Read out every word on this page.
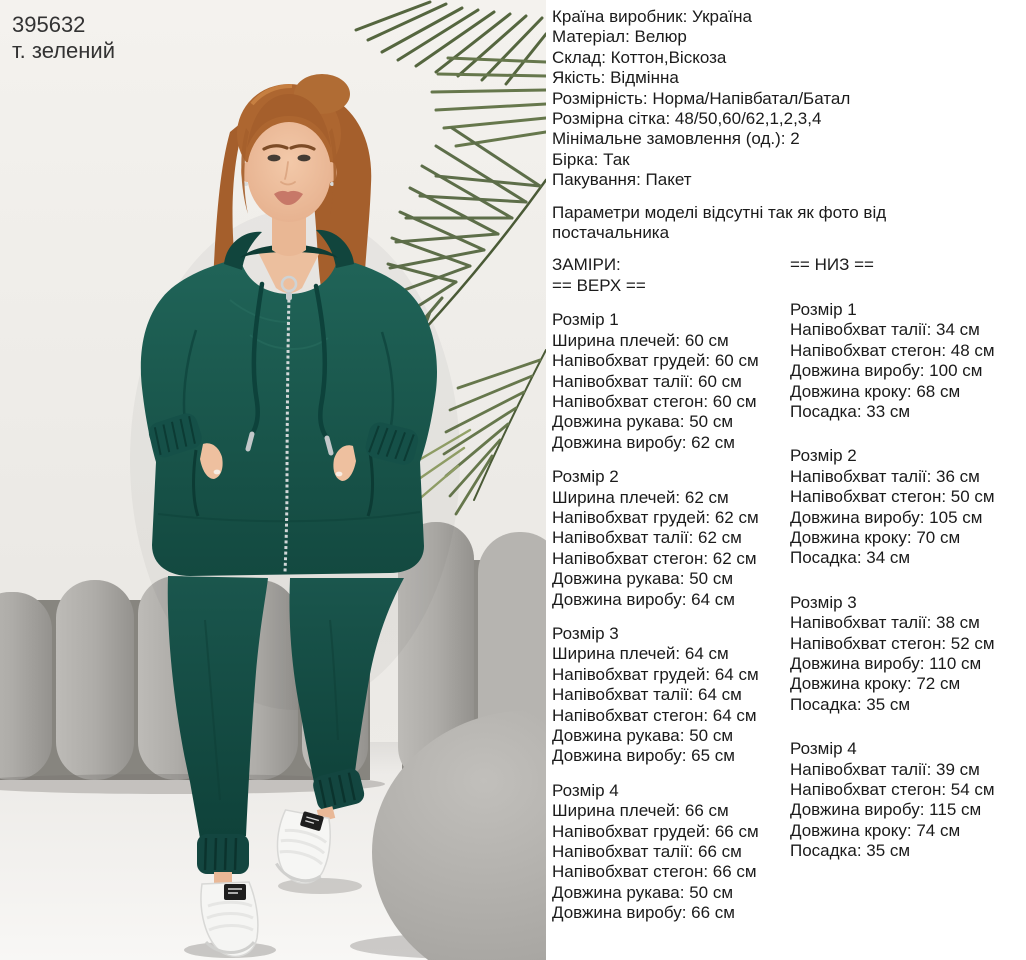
395632
т. зелений
Країна виробник: Україна
Матеріал: Велюр
Склад: Коттон,Віскоза
Якість: Відмінна
Розмірність: Норма/Напівбатал/Батал
Розмірна сітка: 48/50,60/62,1,2,3,4
Мінімальне замовлення (од.): 2
Бірка: Так
Пакування: Пакет
Параметри моделі відсутні так як фото від постачальника
ЗАМІРИ:
== ВЕРХ ==
Розмір 1
Ширина плечей: 60 см
Напівобхват грудей: 60 см
Напівобхват талії: 60 см
Напівобхват стегон: 60 см
Довжина рукава: 50 см
Довжина виробу: 62 см
Розмір 2
Ширина плечей: 62 см
Напівобхват грудей: 62 см
Напівобхват талії: 62 см
Напівобхват стегон: 62 см
Довжина рукава: 50 см
Довжина виробу: 64 см
Розмір 3
Ширина плечей: 64 см
Напівобхват грудей: 64 см
Напівобхват талії: 64 см
Напівобхват стегон: 64 см
Довжина рукава: 50 см
Довжина виробу: 65 см
Розмір 4
Ширина плечей: 66 см
Напівобхват грудей: 66 см
Напівобхват талії: 66 см
Напівобхват стегон: 66 см
Довжина рукава: 50 см
Довжина виробу: 66 см
== НИЗ ==
Розмір 1
Напівобхват талії: 34 см
Напівобхват стегон: 48 см
Довжина виробу: 100 см
Довжина кроку: 68 см
Посадка: 33 см
Розмір 2
Напівобхват талії: 36 см
Напівобхват стегон: 50 см
Довжина виробу: 105 см
Довжина кроку: 70 см
Посадка: 34 см
Розмір 3
Напівобхват талії: 38 см
Напівобхват стегон: 52 см
Довжина виробу: 110 см
Довжина кроку: 72 см
Посадка: 35 см
Розмір 4
Напівобхват талії: 39 см
Напівобхват стегон: 54 см
Довжина виробу: 115 см
Довжина кроку: 74 см
Посадка: 35 см
